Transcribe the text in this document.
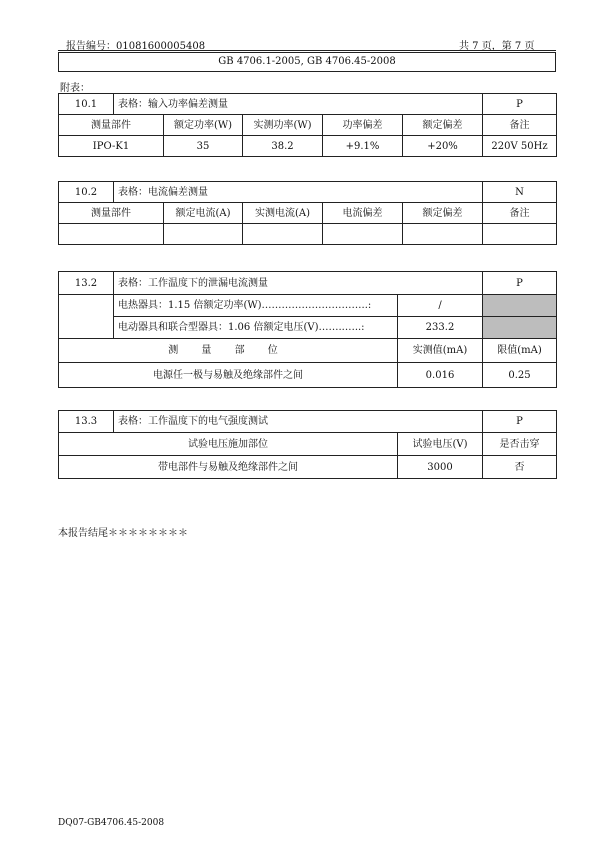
报告编号：01081600005408	共 7 页，第 7 页
GB 4706.1-2005, GB 4706.45-2008
附表：
10.1	表格：输入功率偏差测量					P
测量部件		额定功率(W)	实测功率(W)	功率偏差	额定偏差	备注
IPO-K1		35	38.2	+9.1%	+20%	220V 50Hz
10.2	表格：电流偏差测量					N
测量部件		额定电流(A)	实测电流(A)	电流偏差	额定偏差	备注

13.2	表格：工作温度下的泄漏电流测量		P
	电热器具：1.15 倍额定功率(W)…………………………..:	/	
	电动器具和联合型器具：1.06 倍额定电压(V)……..…..:	233.2	
测 量 部 位		实测值(mA)	限值(mA)
电源任一极与易触及绝缘部件之间		0.016	0.25
13.3	表格：工作温度下的电气强度测试		P
试验电压施加部位		试验电压(V)	是否击穿
带电部件与易触及绝缘部件之间		3000	否
本报告结尾＊＊＊＊＊＊＊＊
DQ07-GB4706.45-2008
